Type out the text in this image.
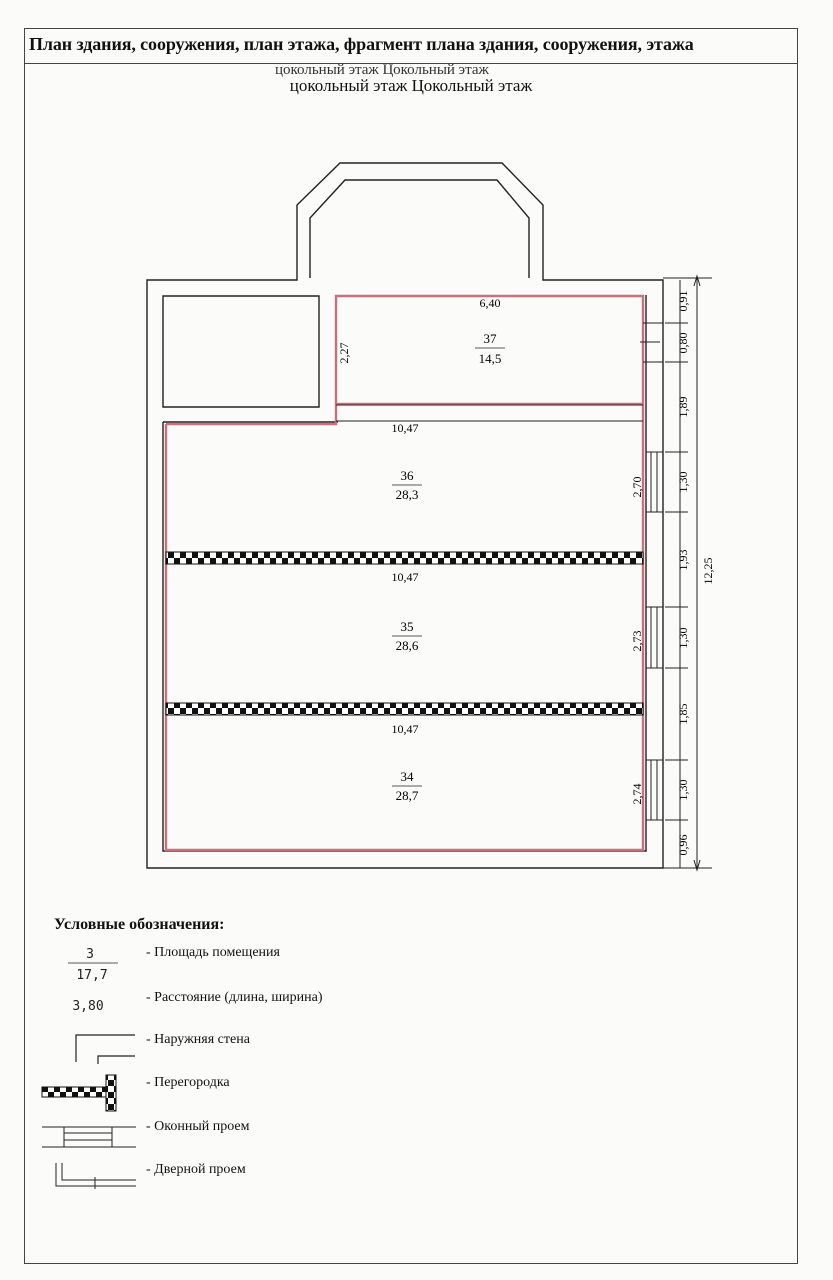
План здания, сооружения, план этажа, фрагмент плана здания, сооружения, этажа
цокольный этаж Цокольный этаж
цокольный этаж Цокольный этаж
37
14,5
36
28,3
35
28,6
34
28,7
6,40
10,47
10,47
10,47
2,27
2,70
2,73
2,74
0,91
0,80
1,89
1,30
1,93
1,30
1,85
1,30
0,96
12,25
3
17,7
3,80
Условные обозначения:
- Площадь помещения
- Расстояние (длина, ширина)
- Наружняя стена
- Перегородка
- Оконный проем
- Дверной проем
